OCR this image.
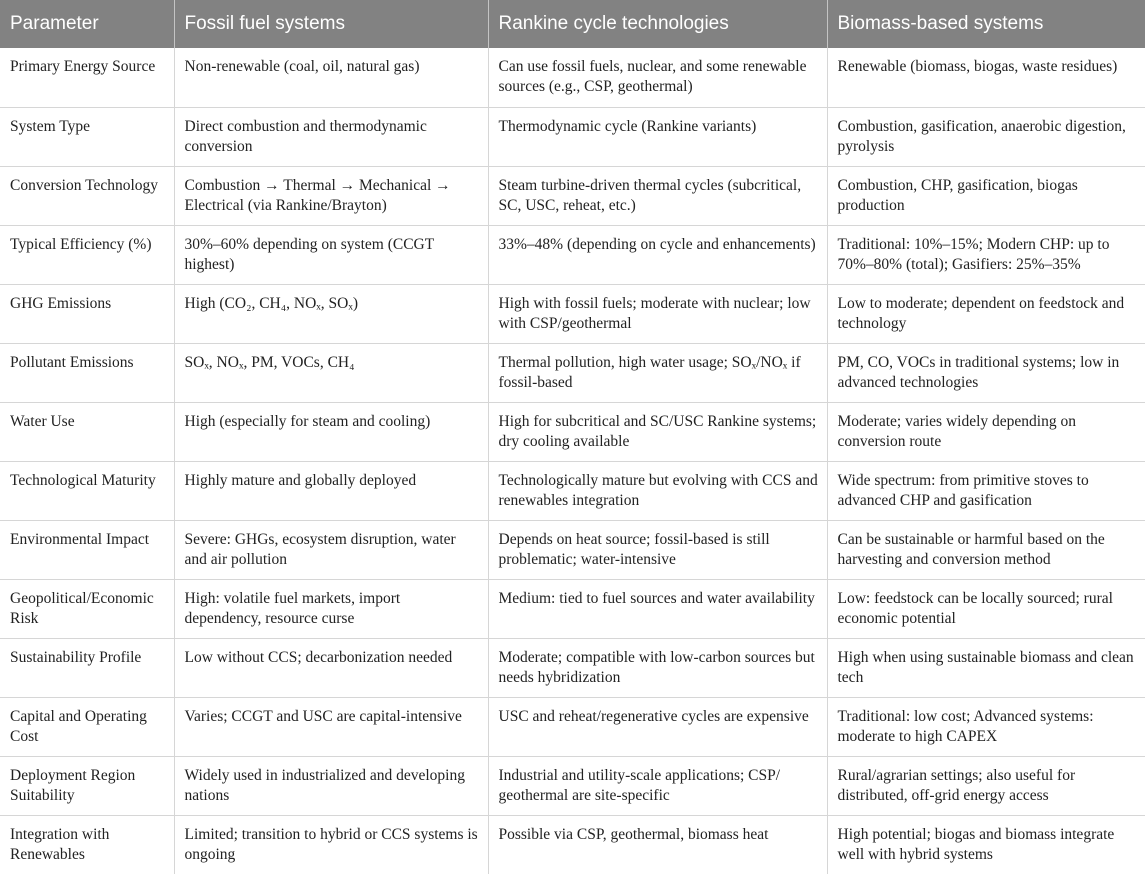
Parameter	Fossil fuel systems	Rankine cycle technologies	Biomass-based systems
Primary Energy Source	Non-renewable (coal, oil, natural gas)	Can use fossil fuels, nuclear, and some renewable sources (e.g., CSP, geothermal)	Renewable (biomass, biogas, waste residues)
System Type	Direct combustion and thermodynamic conversion	Thermodynamic cycle (Rankine variants)	Combustion, gasification, anaerobic digestion, pyrolysis
Conversion Technology	Combustion → Thermal → Mechanical → Electrical (via Rankine/Brayton)	Steam turbine-driven thermal cycles (subcritical, SC, USC, reheat, etc.)	Combustion, CHP, gasification, biogas production
Typical Efficiency (%)	30%–60% depending on system (CCGT highest)	33%–48% (depending on cycle and enhancements)	Traditional: 10%–15%; Modern CHP: up to 70%–80% (total); Gasifiers: 25%–35%
GHG Emissions	High (CO₂, CH₄, NOₓ, SOₓ)	High with fossil fuels; moderate with nuclear; low with CSP/geothermal	Low to moderate; dependent on feedstock and technology
Pollutant Emissions	SOₓ, NOₓ, PM, VOCs, CH₄	Thermal pollution, high water usage; SOₓ/NOₓ if fossil-based	PM, CO, VOCs in traditional systems; low in advanced technologies
Water Use	High (especially for steam and cooling)	High for subcritical and SC/USC Rankine systems; dry cooling available	Moderate; varies widely depending on conversion route
Technological Maturity	Highly mature and globally deployed	Technologically mature but evolving with CCS and renewables integration	Wide spectrum: from primitive stoves to advanced CHP and gasification
Environmental Impact	Severe: GHGs, ecosystem disruption, water and air pollution	Depends on heat source; fossil-based is still problematic; water-intensive	Can be sustainable or harmful based on the harvesting and conversion method
Geopolitical/Economic Risk	High: volatile fuel markets, import dependency, resource curse	Medium: tied to fuel sources and water availability	Low: feedstock can be locally sourced; rural economic potential
Sustainability Profile	Low without CCS; decarbonization needed	Moderate; compatible with low-carbon sources but needs hybridization	High when using sustainable biomass and clean tech
Capital and Operating Cost	Varies; CCGT and USC are capital-intensive	USC and reheat/regenerative cycles are expensive	Traditional: low cost; Advanced systems: moderate to high CAPEX
Deployment Region Suitability	Widely used in industrialized and developing nations	Industrial and utility-scale applications; CSP/ geothermal are site-specific	Rural/agrarian settings; also useful for distributed, off-grid energy access
Integration with Renewables	Limited; transition to hybrid or CCS systems is ongoing	Possible via CSP, geothermal, biomass heat	High potential; biogas and biomass integrate well with hybrid systems
